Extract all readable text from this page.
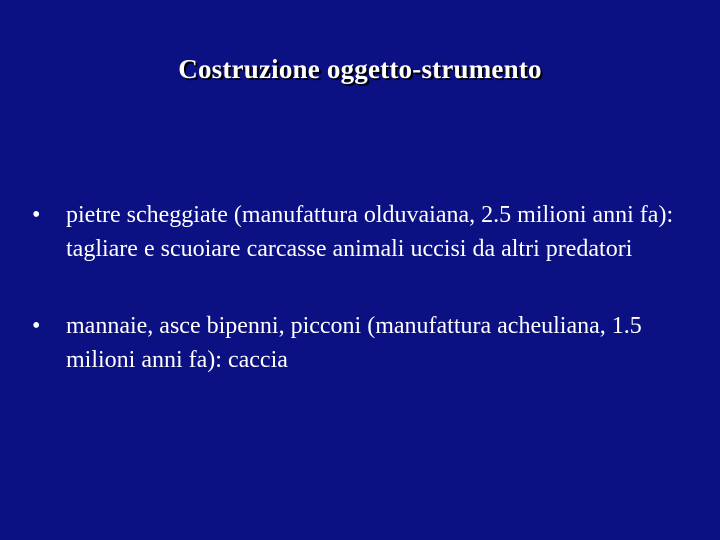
Costruzione oggetto-strumento
•	pietre scheggiate (manufattura olduvaiana, 2.5 milioni anni fa): tagliare e scuoiare carcasse animali uccisi da altri predatori
•	mannaie, asce bipenni, picconi (manufattura acheuliana, 1.5 milioni anni fa): caccia
